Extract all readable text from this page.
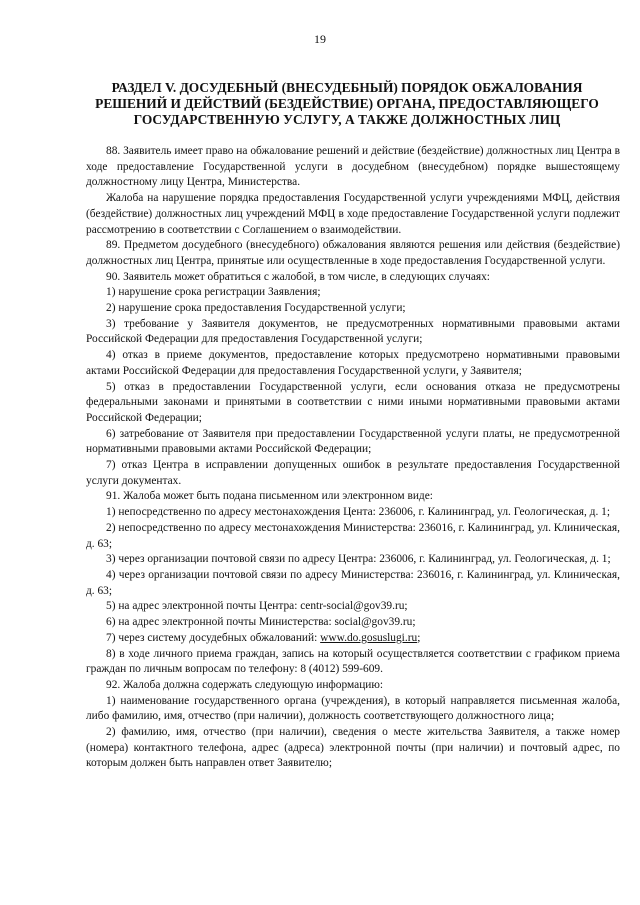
19
РАЗДЕЛ V. ДОСУДЕБНЫЙ (ВНЕСУДЕБНЫЙ) ПОРЯДОК ОБЖАЛОВАНИЯ
РЕШЕНИЙ И ДЕЙСТВИЙ (БЕЗДЕЙСТВИЕ) ОРГАНА, ПРЕДОСТАВЛЯЮЩЕГО
ГОСУДАРСТВЕННУЮ УСЛУГУ, А ТАКЖЕ ДОЛЖНОСТНЫХ ЛИЦ

88. Заявитель имеет право на обжалование решений и действие (бездействие) должностных лиц Центра в ходе предоставление Государственной услуги в досудебном (внесудебном) порядке вышестоящему должностному лицу Центра, Министерства.

Жалоба на нарушение порядка предоставления Государственной услуги учреждениями МФЦ, действия (бездействие) должностных лиц учреждений МФЦ в ходе предоставление Государственной услуги подлежит рассмотрению в соответствии с Соглашением о взаимодействии.

89. Предметом досудебного (внесудебного) обжалования являются решения или действия (бездействие) должностных лиц Центра, принятые или осуществленные в ходе предоставления Государственной услуги.

90. Заявитель может обратиться с жалобой, в том числе, в следующих случаях:

1) нарушение срока регистрации Заявления;

2) нарушение срока предоставления Государственной услуги;

3) требование у Заявителя документов, не предусмотренных нормативными правовыми актами Российской Федерации для предоставления Государственной услуги;

4) отказ в приеме документов, предоставление которых предусмотрено нормативными правовыми актами Российской Федерации для предоставления Государственной услуги, у Заявителя;

5) отказ в предоставлении Государственной услуги, если основания отказа не предусмотрены федеральными законами и принятыми в соответствии с ними иными нормативными правовыми актами Российской Федерации;

6) затребование от Заявителя при предоставлении Государственной услуги платы, не предусмотренной нормативными правовыми актами Российской Федерации;

7) отказ Центра в исправлении допущенных ошибок в результате предоставления Государственной услуги документах.

91. Жалоба может быть подана письменном или электронном виде:

1) непосредственно по адресу местонахождения Цента: 236006, г. Калининград, ул. Геологическая, д. 1;

2) непосредственно по адресу местонахождения Министерства: 236016, г. Калининград, ул. Клиническая, д. 63;

3) через организации почтовой связи по адресу Центра: 236006, г. Калининград, ул. Геологическая, д. 1;

4) через организации почтовой связи по адресу Министерства: 236016, г. Калининград, ул. Клиническая, д. 63;

5) на адрес электронной почты Центра: centr-social@gov39.ru;

6) на адрес электронной почты Министерства: social@gov39.ru;

7) через систему досудебных обжалований: www.do.gosuslugi.ru;

8) в ходе личного приема граждан, запись на который осуществляется соответствии с графиком приема граждан по личным вопросам по телефону: 8 (4012) 599-609.

92. Жалоба должна содержать следующую информацию:

1) наименование государственного органа (учреждения), в который направляется письменная жалоба, либо фамилию, имя, отчество (при наличии), должность соответствующего должностного лица;

2) фамилию, имя, отчество (при наличии), сведения о месте жительства Заявителя, а также номер (номера) контактного телефона, адрес (адреса) электронной почты (при наличии) и почтовый адрес, по которым должен быть направлен ответ Заявителю;
